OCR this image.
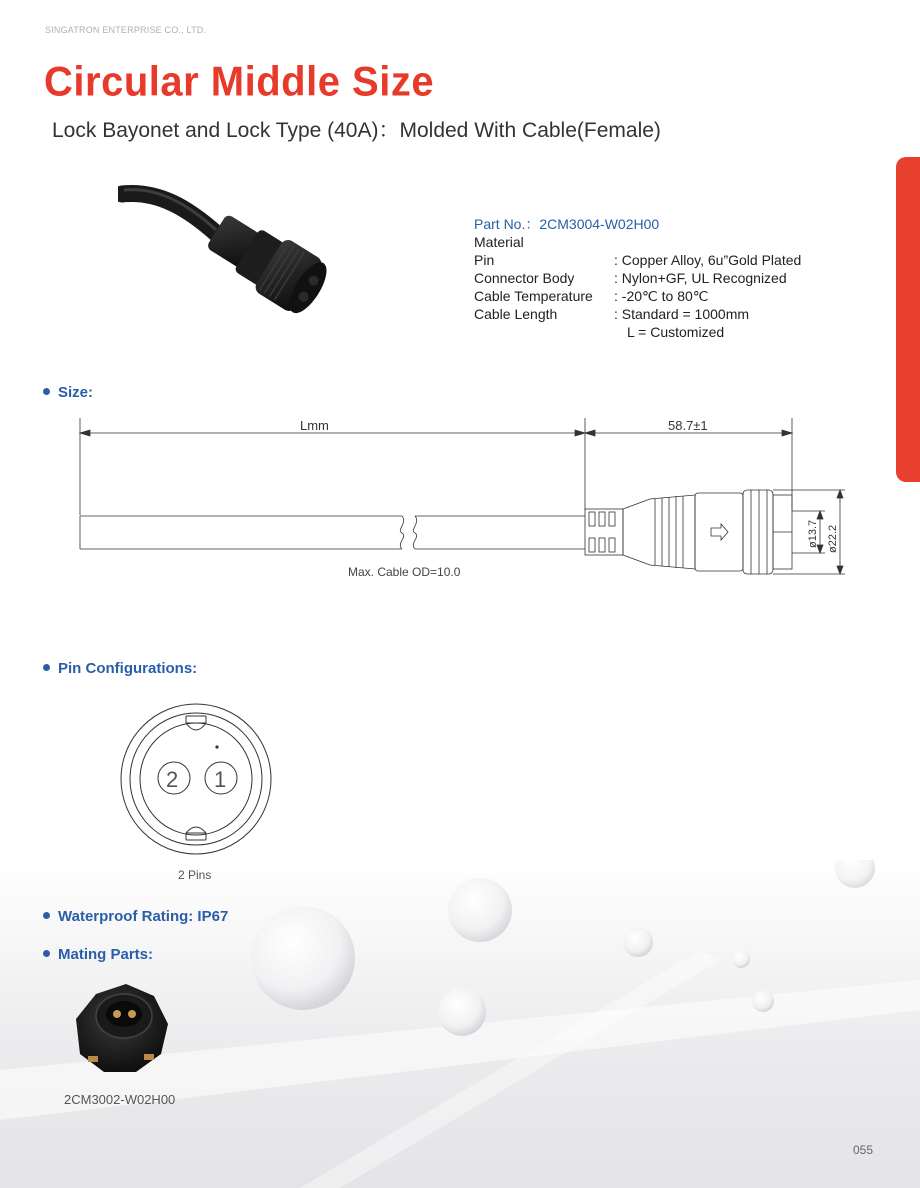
SINGATRON ENTERPRISE CO., LTD.
Circular Middle Size
Lock Bayonet and Lock Type (40A)：Molded With Cable(Female)
Part No.：2CM3004-W02H00
Material
Pin	: Copper Alloy, 6u”Gold Plated
Connector Body	: Nylon+GF, UL Recognized
Cable Temperature	: -20℃ to 80℃
Cable Length	: Standard = 1000mm
L = Customized
Size:
Lmm	58.7±1
Max. Cable OD=10.0
ø13.7 ø22.2
Pin Configurations:
2 1
2 Pins
Waterproof Rating: IP67
Mating Parts:
2CM3002-W02H00
055
